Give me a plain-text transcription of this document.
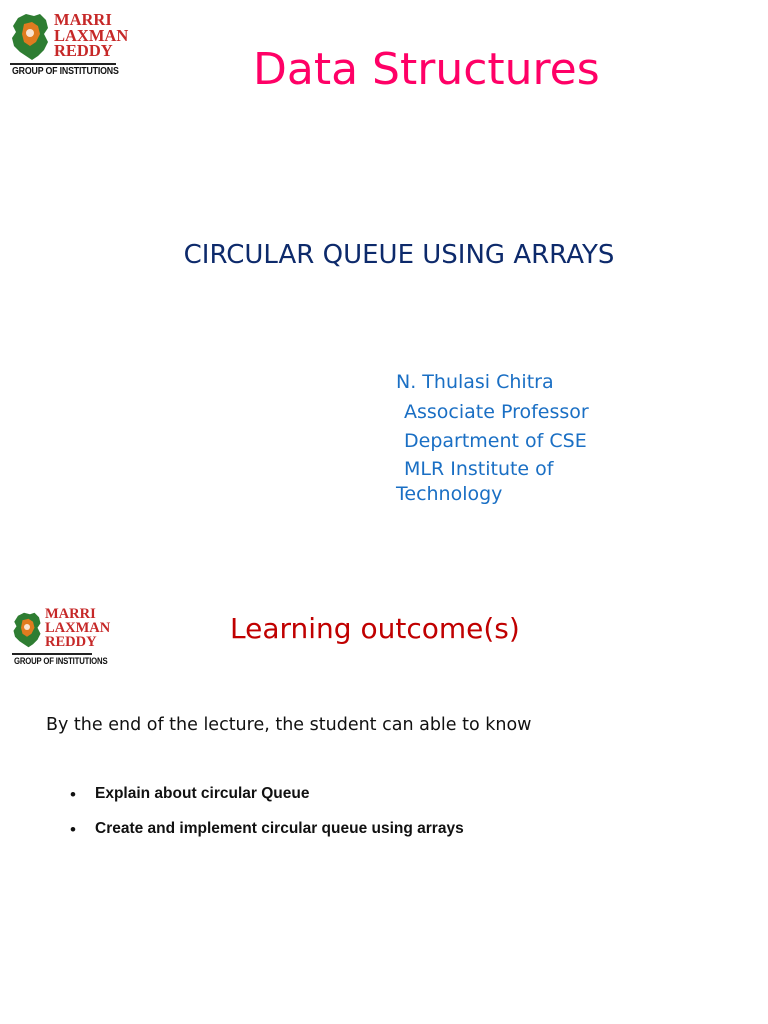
MARRI
LAXMAN
REDDY
GROUP OF INSTITUTIONS	Data Structures
CIRCULAR QUEUE USING ARRAYS
N. Thulasi Chitra
Associate Professor
Department of CSE
MLR Institute of
Technology
MARRI
LAXMAN
REDDY
GROUP OF INSTITUTIONS
Learning outcome(s)
By the end of the lecture, the student can able to know
•	Explain about circular Queue
•	Create and implement circular queue using arrays
